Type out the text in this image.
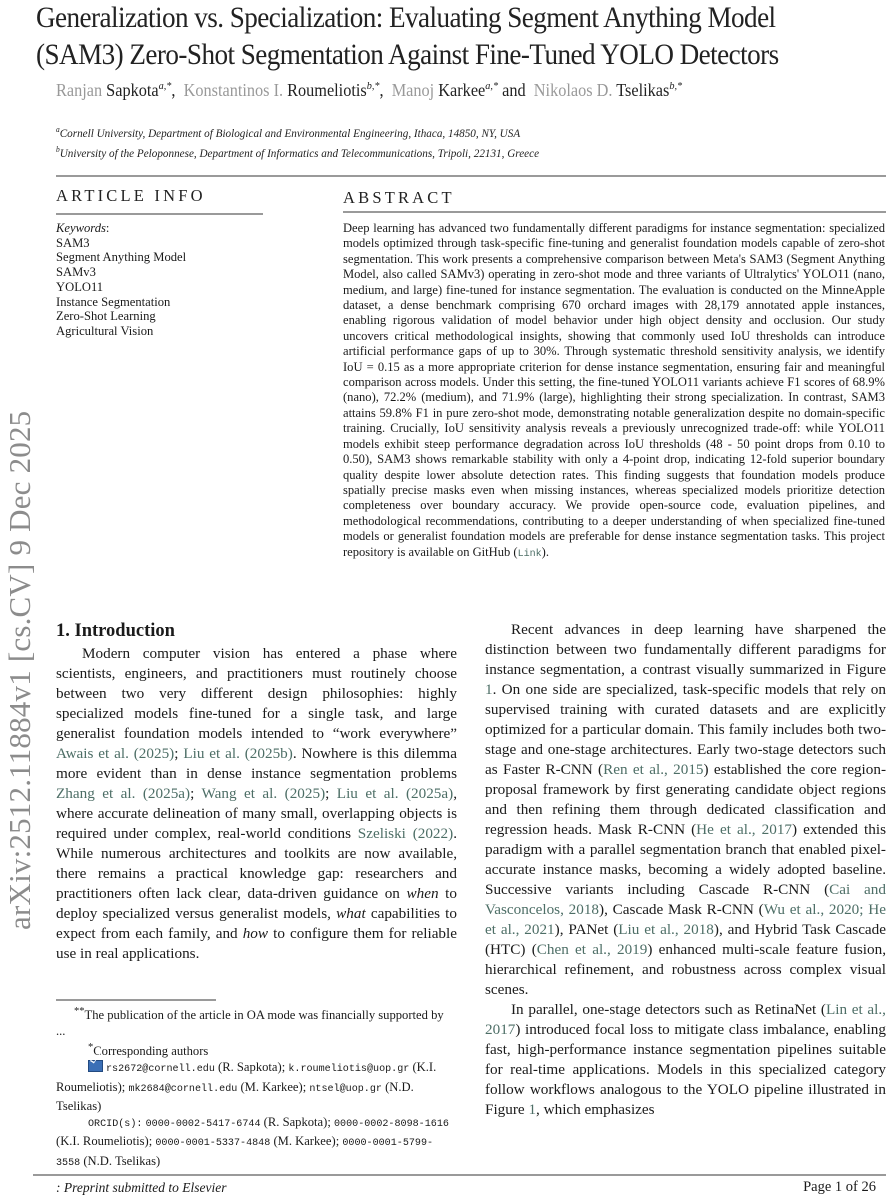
Generalization vs. Specialization: Evaluating Segment Anything Model
(SAM3) Zero-Shot Segmentation Against Fine-Tuned YOLO Detectors
Ranjan Sapkota$^{a,*}$, Konstantinos I. Roumeliotis$^{b,*}$, Manoj Karkee$^{a,*}$ and Nikolaos D. Tselikas$^{b,*}$
$^a$Cornell University, Department of Biological and Environmental Engineering, Ithaca, 14850, NY, USA
$^b$University of the Peloponnese, Department of Informatics and Telecommunications, Tripoli, 22131, Greece
arXiv:2512.11884v1 [cs.CV] 9 Dec 2025
ARTICLE INFO
Keywords:
SAM3
Segment Anything Model
SAMv3
YOLO11
Instance Segmentation
Zero-Shot Learning
Agricultural Vision
ABSTRACT
Deep learning has advanced two fundamentally different paradigms for instance segmentation: specialized models optimized through task-specific fine-tuning and generalist foundation models capable of zero-shot segmentation. This work presents a comprehensive comparison between Meta's SAM3 (Segment Anything Model, also called SAMv3) operating in zero-shot mode and three variants of Ultralytics' YOLO11 (nano, medium, and large) fine-tuned for instance segmentation. The evaluation is conducted on the MinneApple dataset, a dense benchmark comprising 670 orchard images with 28,179 annotated apple instances, enabling rigorous validation of model behavior under high object density and occlusion. Our study uncovers critical methodological insights, showing that commonly used IoU thresholds can introduce artificial performance gaps of up to 30%. Through systematic threshold sensitivity analysis, we identify IoU = 0.15 as a more appropriate criterion for dense instance segmentation, ensuring fair and meaningful comparison across models. Under this setting, the fine-tuned YOLO11 variants achieve F1 scores of 68.9% (nano), 72.2% (medium), and 71.9% (large), highlighting their strong specialization. In contrast, SAM3 attains 59.8% F1 in pure zero-shot mode, demonstrating notable generalization despite no domain-specific training. Crucially, IoU sensitivity analysis reveals a previously unrecognized trade-off: while YOLO11 models exhibit steep performance degradation across IoU thresholds (48 - 50 point drops from 0.10 to 0.50), SAM3 shows remarkable stability with only a 4-point drop, indicating 12-fold superior boundary quality despite lower absolute detection rates. This finding suggests that foundation models produce spatially precise masks even when missing instances, whereas specialized models prioritize detection completeness over boundary accuracy. We provide open-source code, evaluation pipelines, and methodological recommendations, contributing to a deeper understanding of when specialized fine-tuned models or generalist foundation models are preferable for dense instance segmentation tasks. This project repository is available on GitHub (Link).
1. Introduction

Modern computer vision has entered a phase where scientists, engineers, and practitioners must routinely choose between two very different design philosophies: highly specialized models fine-tuned for a single task, and large generalist foundation models intended to “work everywhere” Awais et al. (2025); Liu et al. (2025b). Nowhere is this dilemma more evident than in dense instance segmentation problems Zhang et al. (2025a); Wang et al. (2025); Liu et al. (2025a), where accurate delineation of many small, overlapping objects is required under complex, real-world conditions Szeliski (2022). While numerous architectures and toolkits are now available, there remains a practical knowledge gap: researchers and practitioners often lack clear, data-driven guidance on when to deploy specialized versus generalist models, what capabilities to expect from each family, and how to configure them for reliable use in real applications.

**The publication of the article in OA mode was financially supported by ...

*Corresponding authors

rs2672@cornell.edu (R. Sapkota); k.roumeliotis@uop.gr (K.I. Roumeliotis); mk2684@cornell.edu (M. Karkee); ntsel@uop.gr (N.D. Tselikas)

ORCID(s): 0000-0002-5417-6744 (R. Sapkota); 0000-0002-8098-1616 (K.I. Roumeliotis); 0000-0001-5337-4848 (M. Karkee); 0000-0001-5799-3558 (N.D. Tselikas)

Recent advances in deep learning have sharpened the distinction between two fundamentally different paradigms for instance segmentation, a contrast visually summarized in Figure 1. On one side are specialized, task-specific models that rely on supervised training with curated datasets and are explicitly optimized for a particular domain. This family includes both two-stage and one-stage architectures. Early two-stage detectors such as Faster R-CNN (Ren et al., 2015) established the core region-proposal framework by first generating candidate object regions and then refining them through dedicated classification and regression heads. Mask R-CNN (He et al., 2017) extended this paradigm with a parallel segmentation branch that enabled pixel-accurate instance masks, becoming a widely adopted baseline. Successive variants including Cascade R-CNN (Cai and Vasconcelos, 2018), Cascade Mask R-CNN (Wu et al., 2020; He et al., 2021), PANet (Liu et al., 2018), and Hybrid Task Cascade (HTC) (Chen et al., 2019) enhanced multi-scale feature fusion, hierarchical refinement, and robustness across complex visual scenes.

In parallel, one-stage detectors such as RetinaNet (Lin et al., 2017) introduced focal loss to mitigate class imbalance, enabling fast, high-performance instance segmentation pipelines suitable for real-time applications. Models in this specialized category follow workflows analogous to the YOLO pipeline illustrated in Figure 1, which emphasizes

: Preprint submitted to Elsevier	Page 1 of 26
